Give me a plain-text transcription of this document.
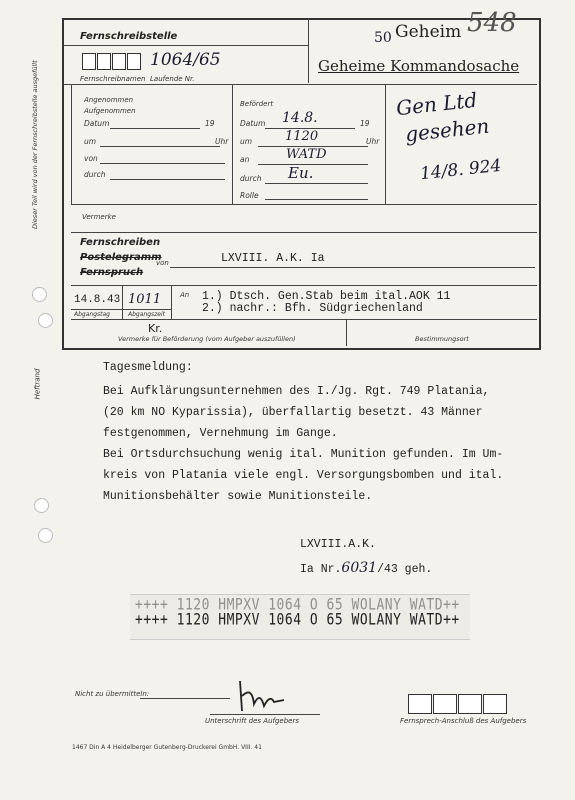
Dieser Teil wird von der Fernschreibstelle ausgefüllt
Heftrand
Fernschreibstelle
1064/65
Fernschreibnamen Laufende Nr.
50 Geheim 548
Geheime Kommandosache
Angenommen
Aufgenommen
Datum	19
um	Uhr
von
durch
Befördert
Datum 14.8.	19
um	1120	Uhr
an	WATD
durch Eu.
Rolle
Gen Ltd
gesehen
14/8. 924
Vermerke
Fernschreiben
Postelegramm
Fernspruch
von	LXVIII. A.K. Ia
14.8.43 1011
Abgangstag	Abgangszeit
An 1.) Dtsch. Gen.Stab beim ital.AOK 11
2.) nachr.: Bfh. Südgriechenland
Kr.
Vermerke für Beförderung (vom Aufgeber auszufüllen)	Bestimmungsort
Tagesmeldung:
Bei Aufklärungsunternehmen des I./Jg. Rgt. 749 Platania,
(20 km NO Kyparissia), überfallartig besetzt. 43 Männer
festgenommen, Vernehmung im Gange.
Bei Ortsdurchsuchung wenig ital. Munition gefunden. Im Um-
kreis von Platania viele engl. Versorgungsbomben und ital.
Munitionsbehälter sowie Munitionsteile.
LXVIII.A.K.
Ia Nr.6031/43 geh.
++++ 1120 HMPXV 1064 O 65 WOLANY WATD++
++++ 1120 HMPXV 1064 O 65 WOLANY WATD++
Nicht zu übermitteln:
Unterschrift des Aufgebers	Fernsprech-Anschluß des Aufgebers
1467 Din A 4 Heidelberger Gutenberg-Druckerei GmbH. VIII. 41
